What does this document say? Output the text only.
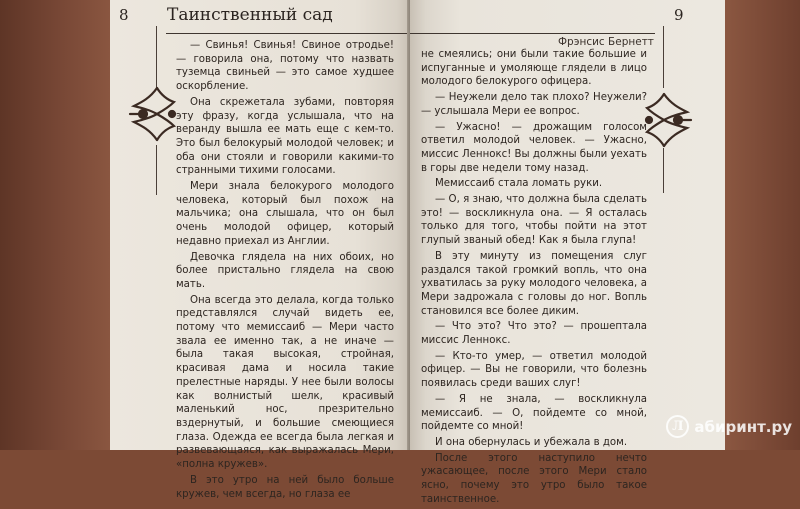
8 Таинственный сад

— Свинья! Свинья! Свиное отродье! — говорила она, потому что назвать туземца свиньей — это самое худшее оскорбление.

Она скрежетала зубами, повторяя эту фразу, когда услышала, что на веранду вышла ее мать еще с кем-то. Это был белокурый молодой человек; и оба они стояли и говорили какими-то странными тихими голосами.

Мери знала белокурого молодого человека, который был похож на мальчика; она слышала, что он был очень молодой офицер, который недавно приехал из Англии.

Девочка глядела на них обоих, но более пристально глядела на свою мать.

Она всегда это делала, когда только представлялся случай видеть ее, потому что мемиссаиб — Мери часто звала ее именно так, а не иначе — была такая высокая, стройная, красивая дама и носила такие прелестные наряды. У нее были волосы как волнистый шелк, красивый маленький нос, презрительно вздернутый, и большие смеющиеся глаза. Одежда ее всегда была легкая и развевающаяся, как выражалась Мери, «полна кружев».

В это утро на ней было больше кружев, чем всегда, но глаза ее

Фрэнсис Бернетт
9

не смеялись; они были такие большие и испуганные и умоляюще глядели в лицо молодого белокурого офицера.

— Неужели дело так плохо? Неужели? — услышала Мери ее вопрос.

— Ужасно! — дрожащим голосом ответил молодой человек. — Ужасно, миссис Леннокс! Вы должны были уехать в горы две недели тому назад.

Мемиссаиб стала ломать руки.

— О, я знаю, что должна была сделать это! — воскликнула она. — Я осталась только для того, чтобы пойти на этот глупый званый обед! Как я была глупа!

В эту минуту из помещения слуг раздался такой громкий вопль, что она ухватилась за руку молодого человека, а Мери задрожала с головы до ног. Вопль становился все более диким.

— Что это? Что это? — прошептала миссис Леннокс.

— Кто-то умер, — ответил молодой офицер. — Вы не говорили, что болезнь появилась среди ваших слуг!

— Я не знала, — воскликнула мемиссаиб. — О, пойдемте со мной, пойдемте со мной!

И она обернулась и убежала в дом.

После этого наступило нечто ужасающее, после этого Мери стало ясно, почему это утро было такое таинственное.

Л абиринт.ру
